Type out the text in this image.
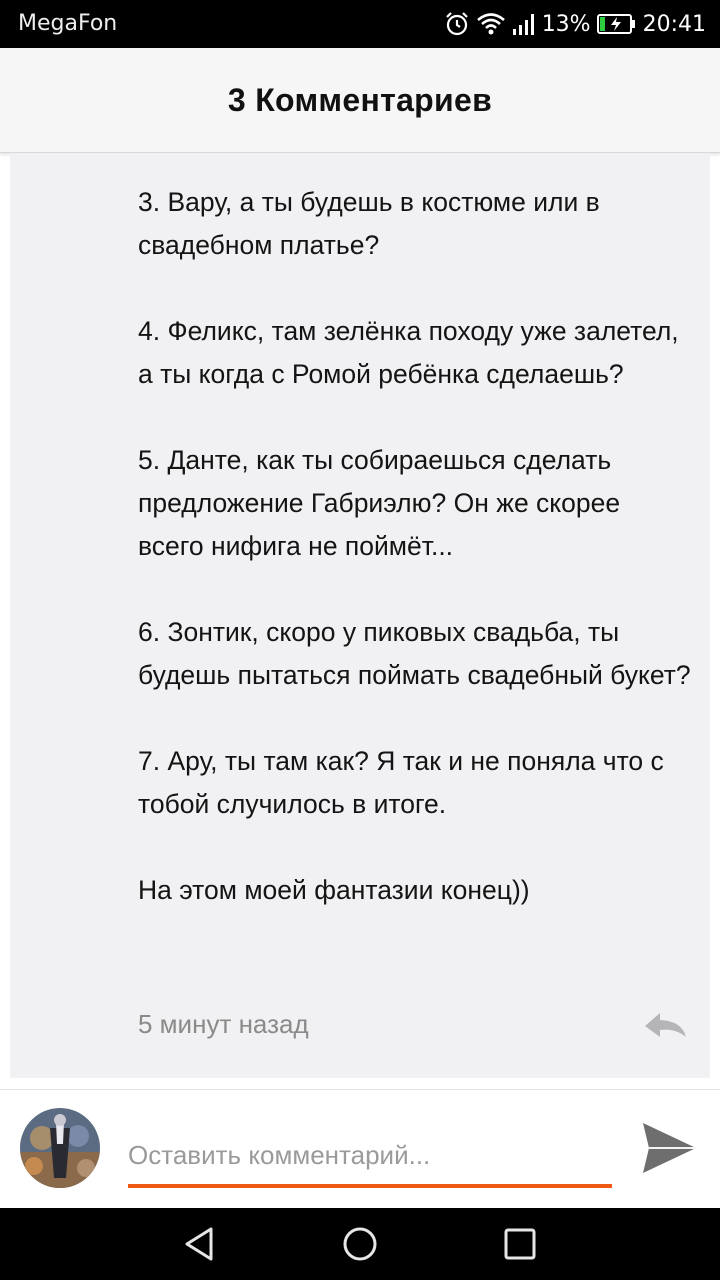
MegaFon	13% 20:41
3 Комментариев

3. Вару, а ты будешь в костюме или в свадебном платье?

4. Феликс, там зелёнка походу уже залетел, а ты когда с Ромой ребёнка сделаешь?

5. Данте, как ты собираешься сделать предложение Габриэлю? Он же скорее всего нифига не поймёт...

6. Зонтик, скоро у пиковых свадьба, ты будешь пытаться поймать свадебный букет?

7. Ару, ты там как? Я так и не поняла что с тобой случилось в итоге.

На этом моей фантазии конец))

5 минут назад
Оставить комментарий...
